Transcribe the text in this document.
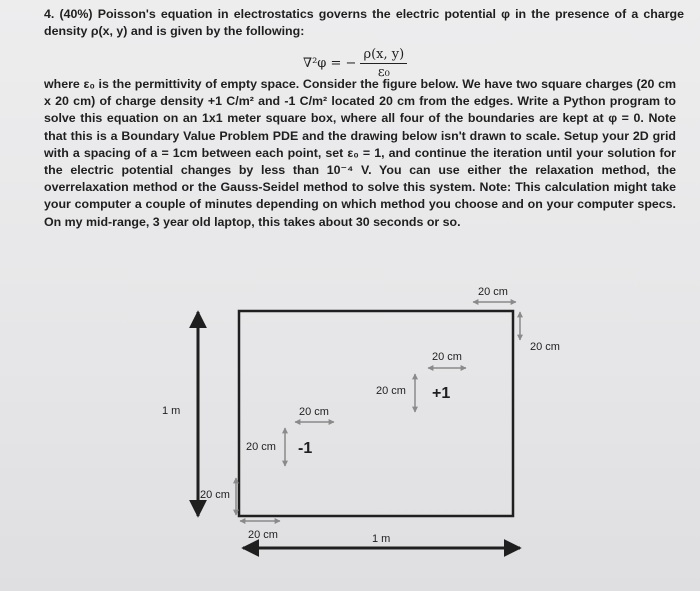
4. (40%) Poisson's equation in electrostatics governs the electric potential φ in the presence of a charge density ρ(x, y) and is given by the following:

∇²φ = − $\frac{\rho(x, y)}{\text{ε₀}}$
where ε₀ is the permittivity of empty space. Consider the figure below. We have two square charges (20 cm x 20 cm) of charge density +1 C/m² and -1 C/m² located 20 cm from the edges. Write a Python program to solve this equation on an 1x1 meter square box, where all four of the boundaries are kept at φ = 0. Note that this is a Boundary Value Problem PDE and the drawing below isn't drawn to scale. Setup your 2D grid with a spacing of a = 1cm between each point, set ε₀ = 1, and continue the iteration until your solution for the electric potential changes by less than 10⁻⁴ V. You can use either the relaxation method, the overrelaxation method or the Gauss-Seidel method to solve this system. Note: This calculation might take your computer a couple of minutes depending on which method you choose and on your computer specs. On my mid-range, 3 year old laptop, this takes about 30 seconds or so.
1 m
1 m
20 cm
20 cm
20 cm
20 cm +1
20 cm
20 cm -1
20 cm
20 cm
